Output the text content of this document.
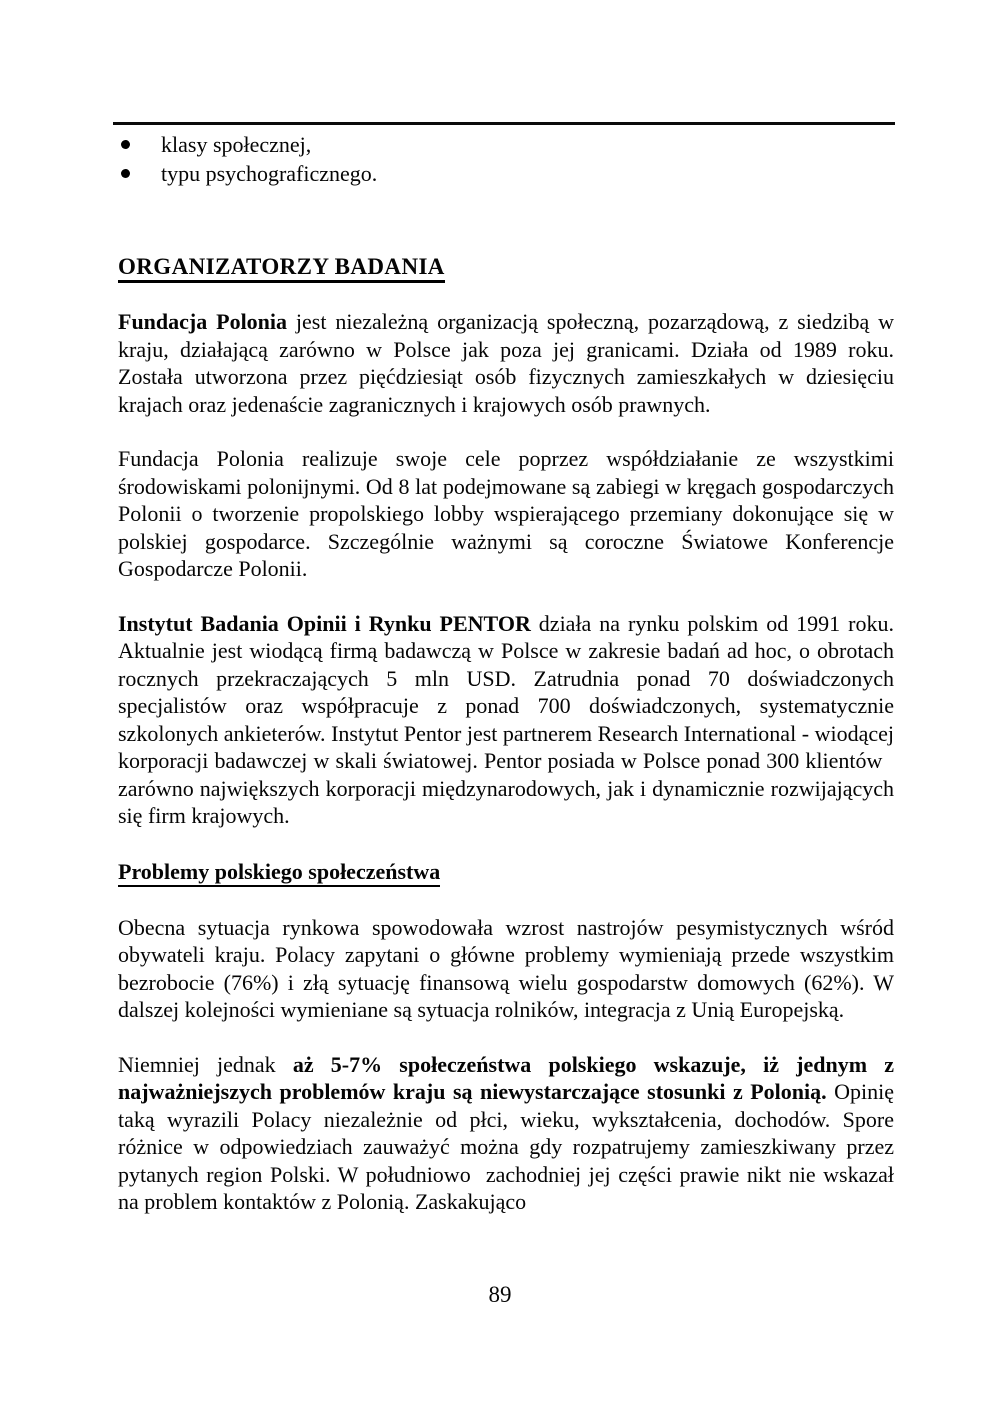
klasy społecznej,
typu psychograficznego.
ORGANIZATORZY BADANIA

Fundacja Polonia jest niezależną organizacją społeczną, pozarządową, z siedzibą w kraju, działającą zarówno w Polsce jak poza jej granicami. Działa od 1989 roku. Została utworzona przez pięćdziesiąt osób fizycznych zamieszkałych w dziesięciu krajach oraz jedenaście zagranicznych i krajowych osób prawnych.

Fundacja Polonia realizuje swoje cele poprzez współdziałanie ze wszystkimi środowiskami polonijnymi. Od 8 lat podejmowane są zabiegi w kręgach gospodarczych Polonii o tworzenie propolskiego lobby wspierającego przemiany dokonujące się w polskiej gospodarce. Szczególnie ważnymi są coroczne Światowe Konferencje Gospodarcze Polonii.

Instytut Badania Opinii i Rynku PENTOR działa na rynku polskim od 1991 roku. Aktualnie jest wiodącą firmą badawczą w Polsce w zakresie badań ad hoc, o obrotach rocznych przekraczających 5 mln USD. Zatrudnia ponad 70 doświadczonych specjalistów oraz współpracuje z ponad 700 doświadczonych, systematycznie szkolonych ankieterów. Instytut Pentor jest partnerem Research International - wiodącej korporacji badawczej w skali światowej. Pentor posiada w Polsce ponad 300 klientów   zarówno największych korporacji międzynarodowych, jak i dynamicznie rozwijających się firm krajowych.

Problemy polskiego społeczeństwa

Obecna sytuacja rynkowa spowodowała wzrost nastrojów pesymistycznych wśród obywateli kraju. Polacy zapytani o główne problemy wymieniają przede wszystkim bezrobocie (76%) i złą sytuację finansową wielu gospodarstw domowych (62%). W dalszej kolejności wymieniane są sytuacja rolników, integracja z Unią Europejską.

Niemniej jednak aż 5-7% społeczeństwa polskiego wskazuje, iż jednym z najważniejszych problemów kraju są niewystarczające stosunki z Polonią. Opinię taką wyrazili Polacy niezależnie od płci, wieku, wykształcenia, dochodów. Spore różnice w odpowiedziach zauważyć można gdy rozpatrujemy zamieszkiwany przez pytanych region Polski. W południowo  zachodniej jej części prawie nikt nie wskazał na problem kontaktów z Polonią. Zaskakująco

89
